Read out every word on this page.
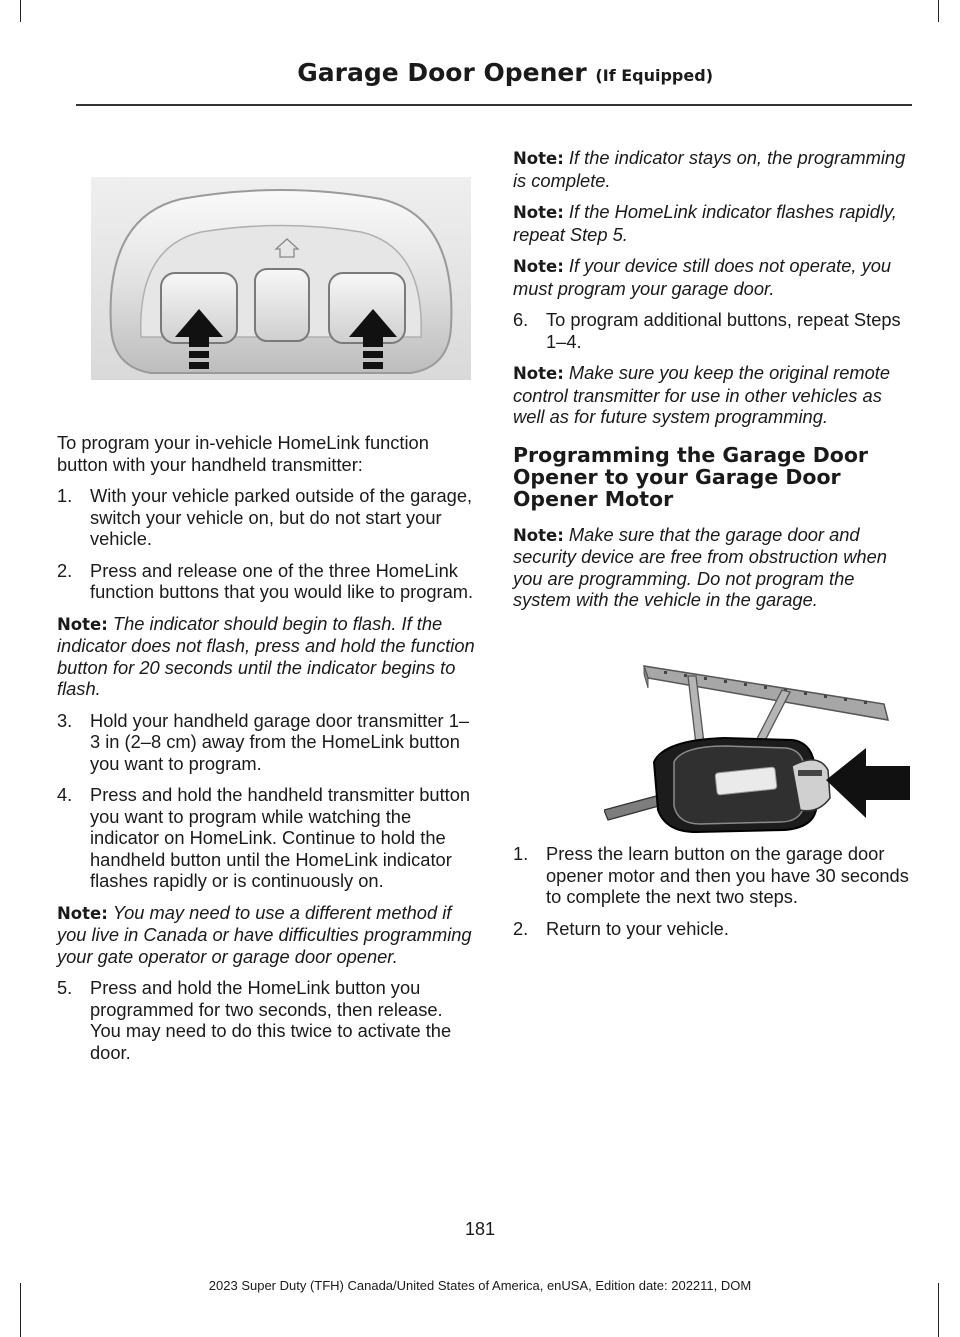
Garage Door Opener (If Equipped)

To program your in-vehicle HomeLink function button with your handheld transmitter:

1. With your vehicle parked outside of the garage, switch your vehicle on, but do not start your vehicle.
2. Press and release one of the three HomeLink function buttons that you would like to program.

Note: The indicator should begin to flash. If the indicator does not flash, press and hold the function button for 20 seconds until the indicator begins to flash.

3. Hold your handheld garage door transmitter 1–3 in (2–8 cm) away from the HomeLink button you want to program.
4. Press and hold the handheld transmitter button you want to program while watching the indicator on HomeLink. Continue to hold the handheld button until the HomeLink indicator flashes rapidly or is continuously on.

Note: You may need to use a different method if you live in Canada or have difficulties programming your gate operator or garage door opener.

5. Press and hold the HomeLink button you programmed for two seconds, then release. You may need to do this twice to activate the door.

Note: If the indicator stays on, the programming is complete.

Note: If the HomeLink indicator flashes rapidly, repeat Step 5.

Note: If your device still does not operate, you must program your garage door.

6. To program additional buttons, repeat Steps 1–4.

Note: Make sure you keep the original remote control transmitter for use in other vehicles as well as for future system programming.

Programming the Garage Door Opener to your Garage Door Opener Motor

Note: Make sure that the garage door and security device are free from obstruction when you are programming. Do not program the system with the vehicle in the garage.

1. Press the learn button on the garage door opener motor and then you have 30 seconds to complete the next two steps.
2. Return to your vehicle.
181
2023 Super Duty (TFH) Canada/United States of America, enUSA, Edition date: 202211, DOM
